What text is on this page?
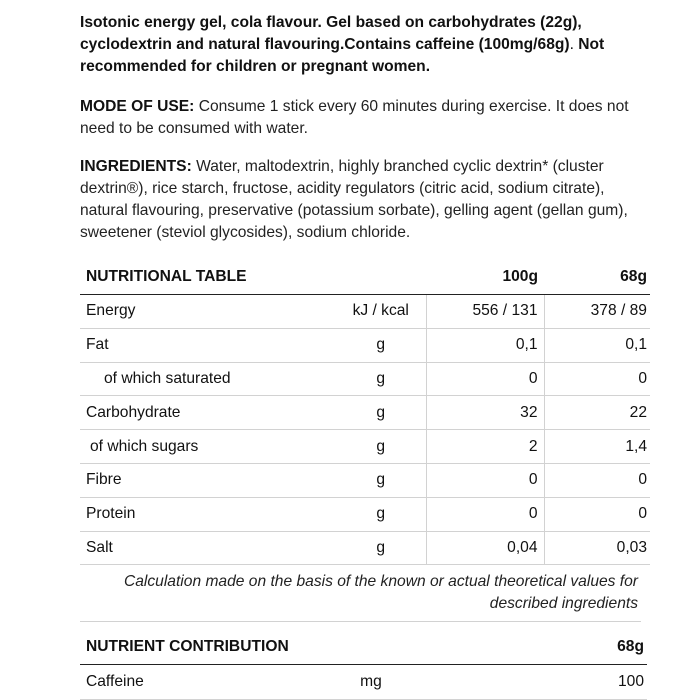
Isotonic energy gel, cola flavour. Gel based on carbohydrates (22g), cyclodextrin and natural flavouring.Contains caffeine (100mg/68g). Not recommended for children or pregnant women.

MODE OF USE: Consume 1 stick every 60 minutes during exercise. It does not need to be consumed with water.

INGREDIENTS: Water, maltodextrin, highly branched cyclic dextrin* (cluster dextrin®), rice starch, fructose, acidity regulators (citric acid, sodium citrate), natural flavouring, preservative (potassium sorbate), gelling agent (gellan gum), sweetener (steviol glycosides), sodium chloride.

NUTRITIONAL TABLE		100g	68g
Energy	kJ / kcal	556 / 131	378 / 89
Fat	g	0,1	0,1
of which saturated	g	0	0
Carbohydrate	g	32	22
of which sugars	g	2	1,4
Fibre	g	0	0
Protein	g	0	0
Salt	g	0,04	0,03
Calculation made on the basis of the known or actual theoretical values for described ingredients
NUTRIENT CONTRIBUTION		68g
Caffeine	mg	100
